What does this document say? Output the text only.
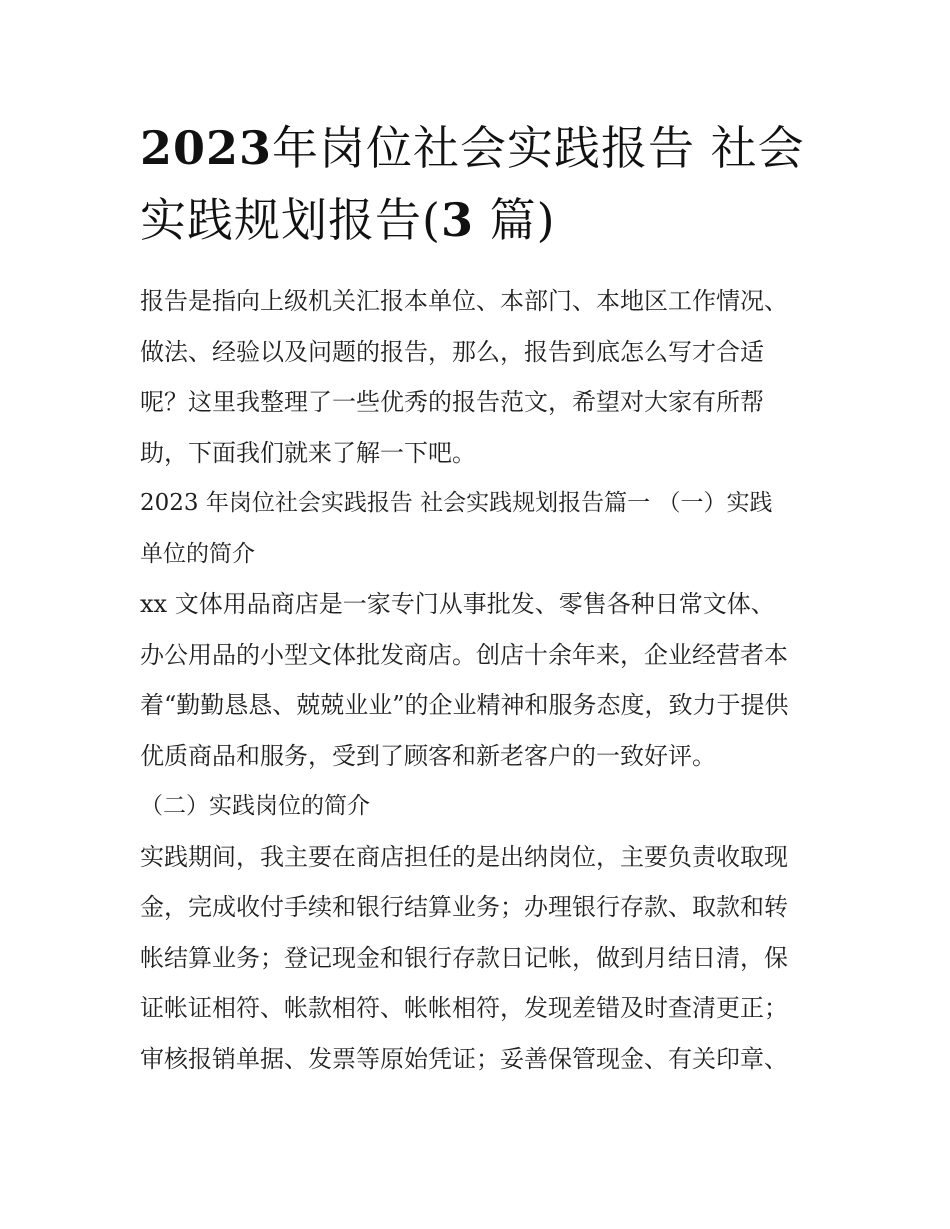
2023年岗位社会实践报告 社会实践规划报告(3 篇)

报告是指向上级机关汇报本单位、本部门、本地区工作情况、
做法、经验以及问题的报告，那么，报告到底怎么写才合适
呢？这里我整理了一些优秀的报告范文，希望对大家有所帮
助，下面我们就来了解一下吧。

2023 年岗位社会实践报告 社会实践规划报告篇一 （一）实践
单位的简介

xx 文体用品商店是一家专门从事批发、零售各种日常文体、
办公用品的小型文体批发商店。创店十余年来，企业经营者本
着“勤勤恳恳、兢兢业业”的企业精神和服务态度，致力于提供
优质商品和服务，受到了顾客和新老客户的一致好评。

（二）实践岗位的简介

实践期间，我主要在商店担任的是出纳岗位，主要负责收取现
金，完成收付手续和银行结算业务；办理银行存款、取款和转
帐结算业务；登记现金和银行存款日记帐，做到月结日清，保
证帐证相符、帐款相符、帐帐相符，发现差错及时查清更正；
审核报销单据、发票等原始凭证；妥善保管现金、有关印章、
